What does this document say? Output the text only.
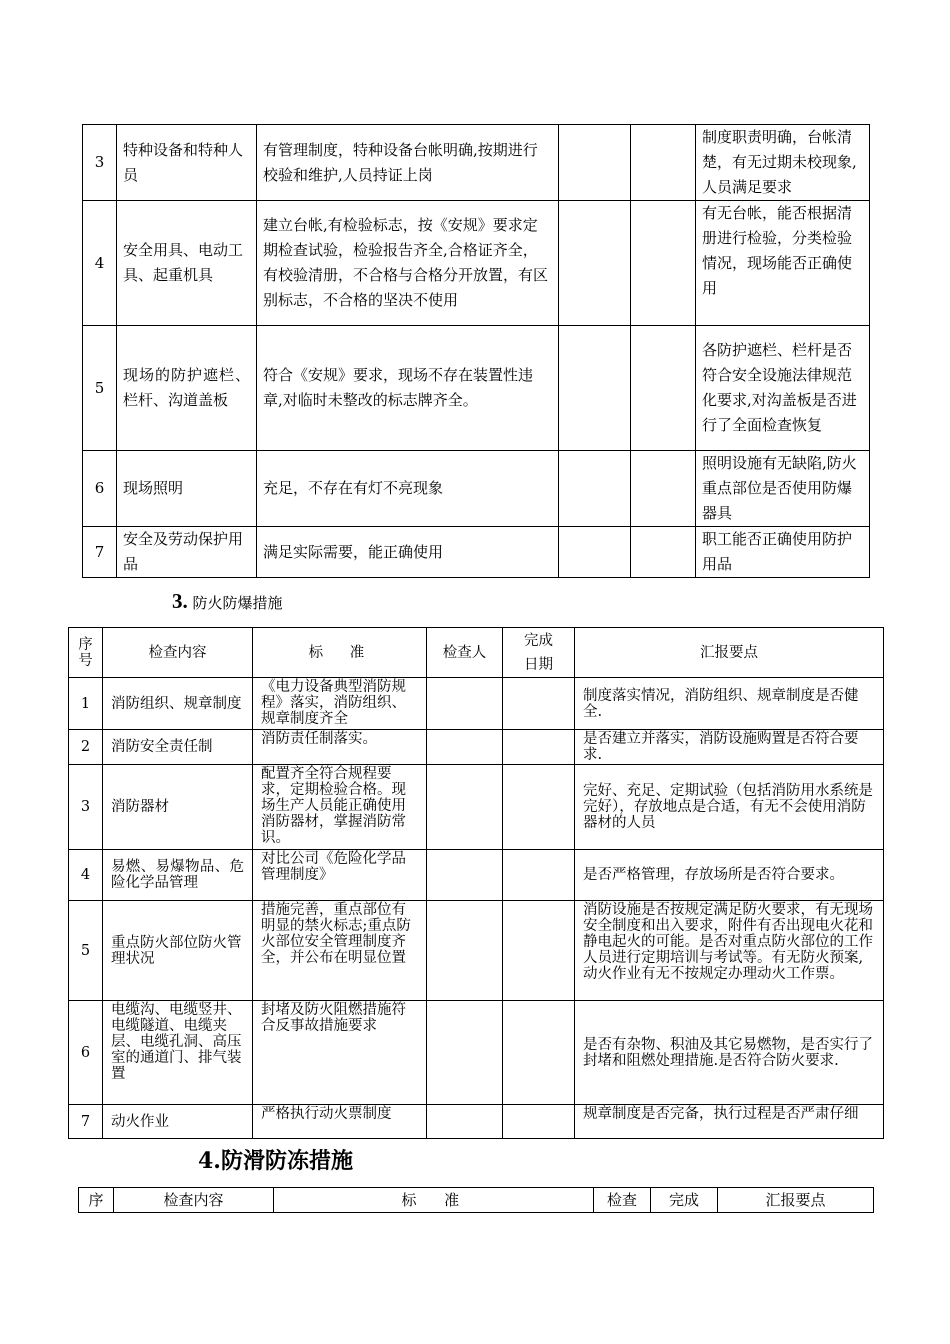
3	特种设备和特种人员	有管理制度，特种设备台帐明确,按期进行校验和维护,人员持证上岗			制度职责明确，台帐清楚，有无过期未校现象,人员满足要求
4	安全用具、电动工具、起重机具	建立台帐,有检验标志，按《安规》要求定期检查试验，检验报告齐全,合格证齐全，有校验清册，不合格与合格分开放置，有区别标志，不合格的坚决不使用			有无台帐，能否根据清册进行检验，分类检验情况，现场能否正确使用
5	现场的防护遮栏、栏杆、沟道盖板	符合《安规》要求，现场不存在装置性违章,对临时未整改的标志牌齐全。			各防护遮栏、栏杆是否符合安全设施法律规范化要求,对沟盖板是否进行了全面检查恢复
6	现场照明	充足，不存在有灯不亮现象			照明设施有无缺陷,防火重点部位是否使用防爆器具
7	安全及劳动保护用品	满足实际需要，能正确使用			职工能否正确使用防护用品
3. 防火防爆措施
序号	检查内容	标　准	检查人	完成日期	汇报要点
1	消防组织、规章制度	《电力设备典型消防规程》落实，消防组织、规章制度齐全			制度落实情况，消防组织、规章制度是否健全.
2	消防安全责任制	消防责任制落实。			是否建立并落实，消防设施购置是否符合要求.
3	消防器材	配置齐全符合规程要求，定期检验合格。现场生产人员能正确使用消防器材，掌握消防常识。			完好、充足、定期试验（包括消防用水系统是完好），存放地点是合适，有无不会使用消防器材的人员
4	易燃、易爆物品、危险化学品管理	对比公司《危险化学品管理制度》			是否严格管理，存放场所是否符合要求。
5	重点防火部位防火管理状况	措施完善，重点部位有明显的禁火标志;重点防火部位安全管理制度齐全，并公布在明显位置			消防设施是否按规定满足防火要求，有无现场安全制度和出入要求，附件有否出现电火花和静电起火的可能。是否对重点防火部位的工作人员进行定期培训与考试等。有无防火预案,动火作业有无不按规定办理动火工作票。
6	电缆沟、电缆竖井、电缆隧道、电缆夹层、电缆孔洞、高压室的通道门、排气装置	封堵及防火阻燃措施符合反事故措施要求			是否有杂物、积油及其它易燃物，是否实行了封堵和阻燃处理措施.是否符合防火要求.
7	动火作业	严格执行动火票制度			规章制度是否完备，执行过程是否严肃仔细
4.防滑防冻措施
序	检查内容	标　准	检查	完成	汇报要点
